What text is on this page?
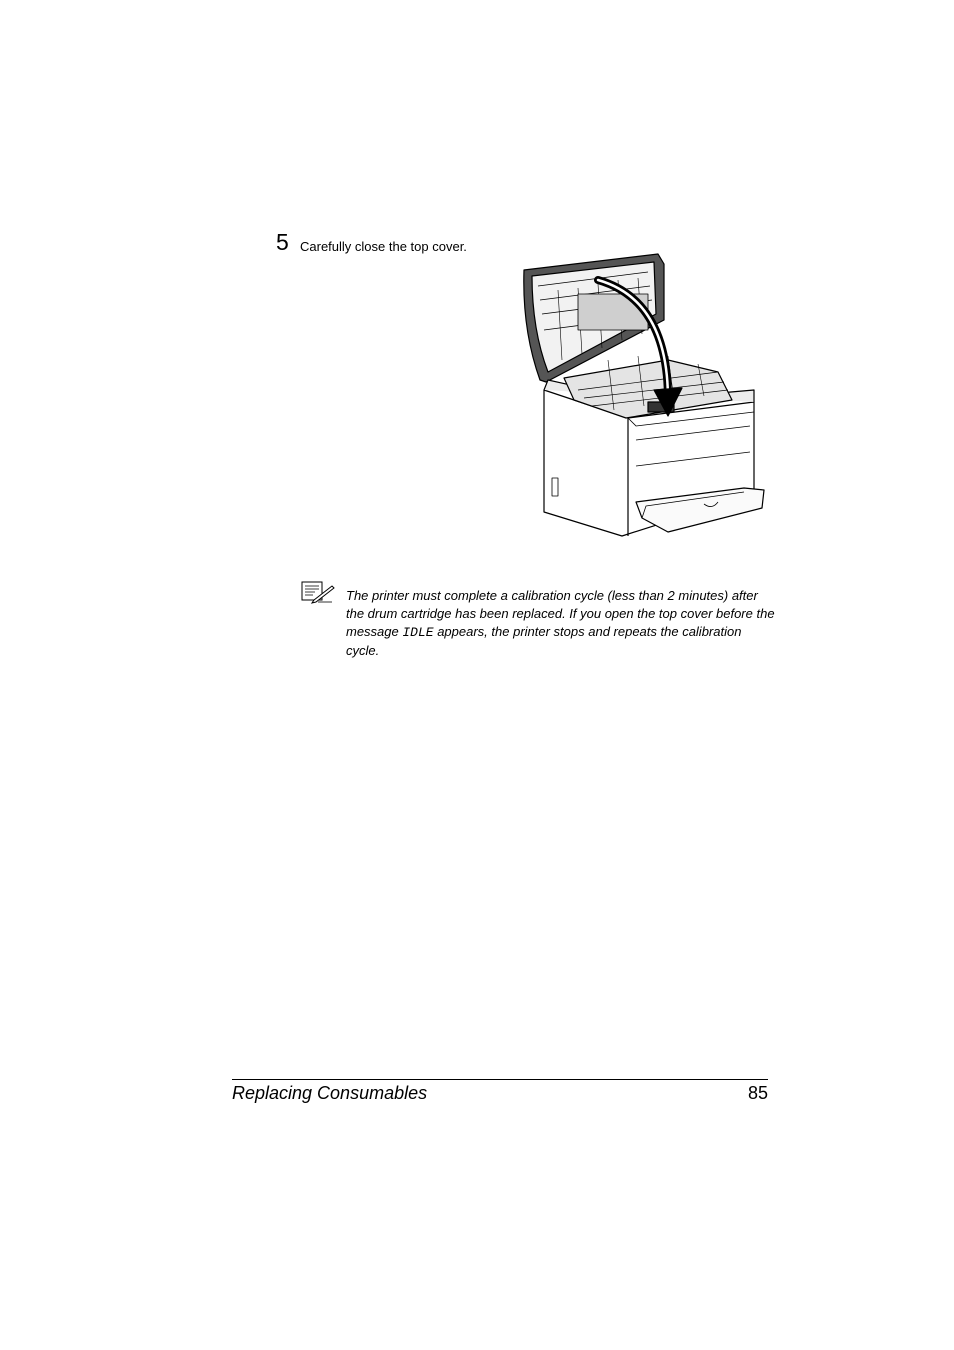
5 Carefully close the top cover.
The printer must complete a calibration cycle (less than 2 minutes) after the drum cartridge has been replaced. If you open the top cover before the message IDLE appears, the printer stops and repeats the calibration cycle.
Replacing Consumables	85
